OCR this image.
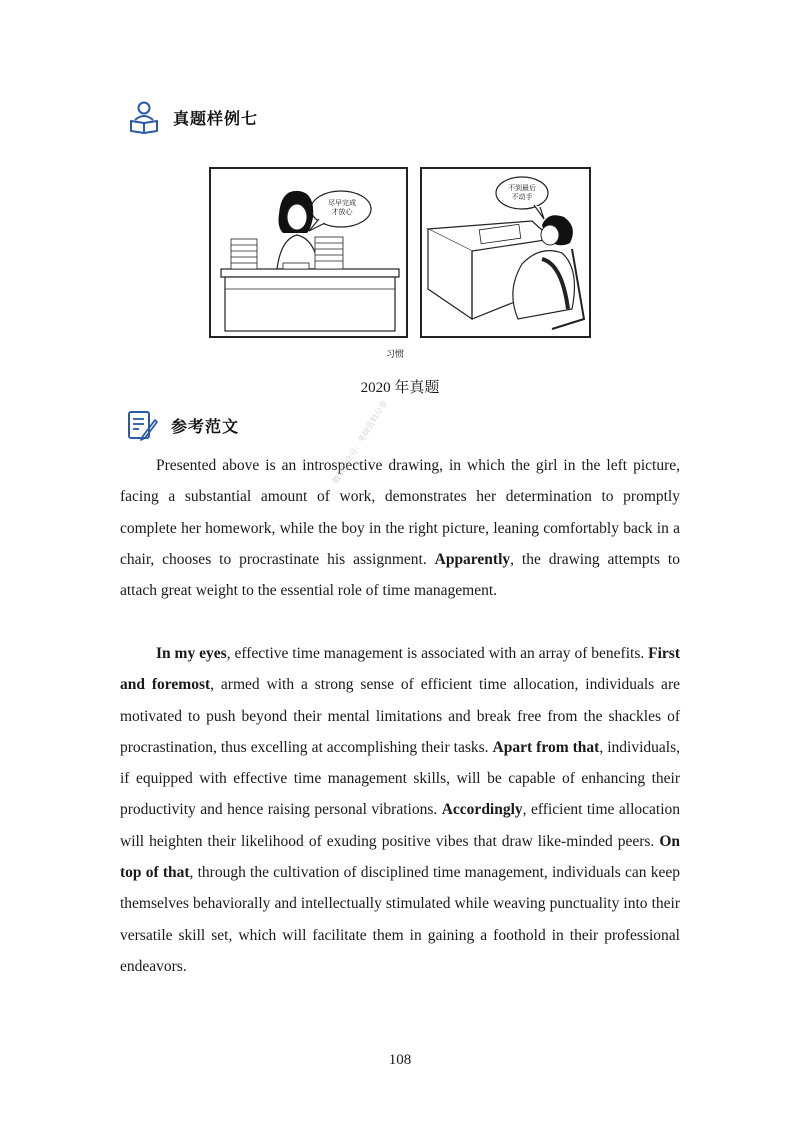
真题样例七
尽早完成
才放心
不到最后
不动手
习惯
2020 年真题
参考范文

Presented above is an introspective drawing, in which the girl in the left picture, facing a substantial amount of work, demonstrates her determination to promptly complete her homework, while the boy in the right picture, leaning comfortably back in a chair, chooses to procrastinate his assignment. Apparently, the drawing attempts to attach great weight to the essential role of time management.

In my eyes, effective time management is associated with an array of benefits. First and foremost, armed with a strong sense of efficient time allocation, individuals are motivated to push beyond their mental limitations and break free from the shackles of procrastination, thus excelling at accomplishing their tasks. Apart from that, individuals, if equipped with effective time management skills, will be capable of enhancing their productivity and hence raising personal vibrations. Accordingly, efficient time allocation will heighten their likelihood of exuding positive vibes that draw like-minded peers. On top of that, through the cultivation of disciplined time management, individuals can keep themselves behaviorally and intellectually stimulated while weaving punctuality into their versatile skill set, which will facilitate them in gaining a foothold in their professional endeavors.

微信公众号：考研资料分享
108
